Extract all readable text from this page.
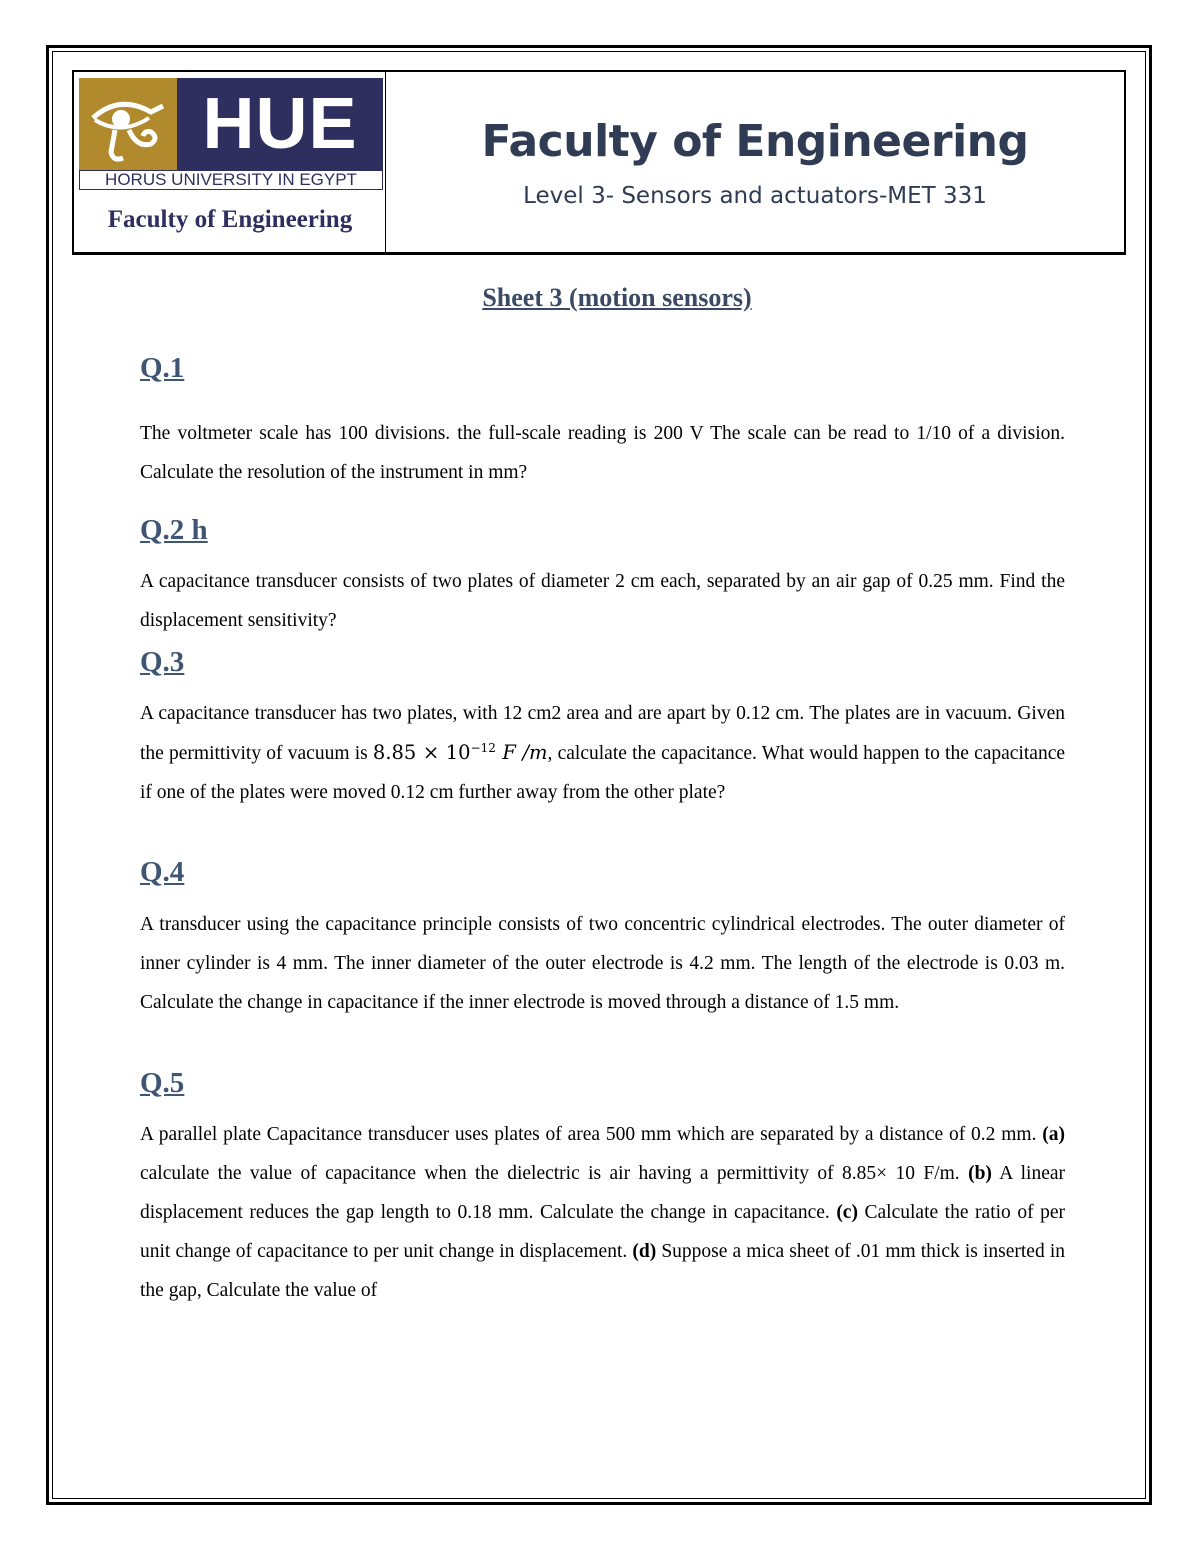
HUE
HORUS UNIVERSITY IN EGYPT
Faculty of Engineering
Faculty of Engineering
Level 3- Sensors and actuators-MET 331
Sheet 3 (motion sensors)
Q.1
The voltmeter scale has 100 divisions. the full-scale reading is 200 V The scale can be read to 1/10 of a division. Calculate the resolution of the instrument in mm?
Q.2 h
A capacitance transducer consists of two plates of diameter 2 cm each, separated by an air gap of 0.25 mm. Find the displacement sensitivity?
Q.3
A capacitance transducer has two plates, with 12 cm2 area and are apart by 0.12 cm. The plates are in vacuum. Given the permittivity of vacuum is $8.85 \times 10^{-12}$ F /m, calculate the capacitance. What would happen to the capacitance if one of the plates were moved 0.12 cm further away from the other plate?
Q.4
A transducer using the capacitance principle consists of two concentric cylindrical electrodes. The outer diameter of inner cylinder is 4 mm. The inner diameter of the outer electrode is 4.2 mm. The length of the electrode is 0.03 m. Calculate the change in capacitance if the inner electrode is moved through a distance of 1.5 mm.
Q.5
A parallel plate Capacitance transducer uses plates of area 500 mm which are separated by a distance of 0.2 mm. (a) calculate the value of capacitance when the dielectric is air having a permittivity of 8.85× 10 F/m. (b) A linear displacement reduces the gap length to 0.18 mm. Calculate the change in capacitance. (c) Calculate the ratio of per unit change of capacitance to per unit change in displacement. (d) Suppose a mica sheet of .01 mm thick is inserted in the gap, Calculate the value of
